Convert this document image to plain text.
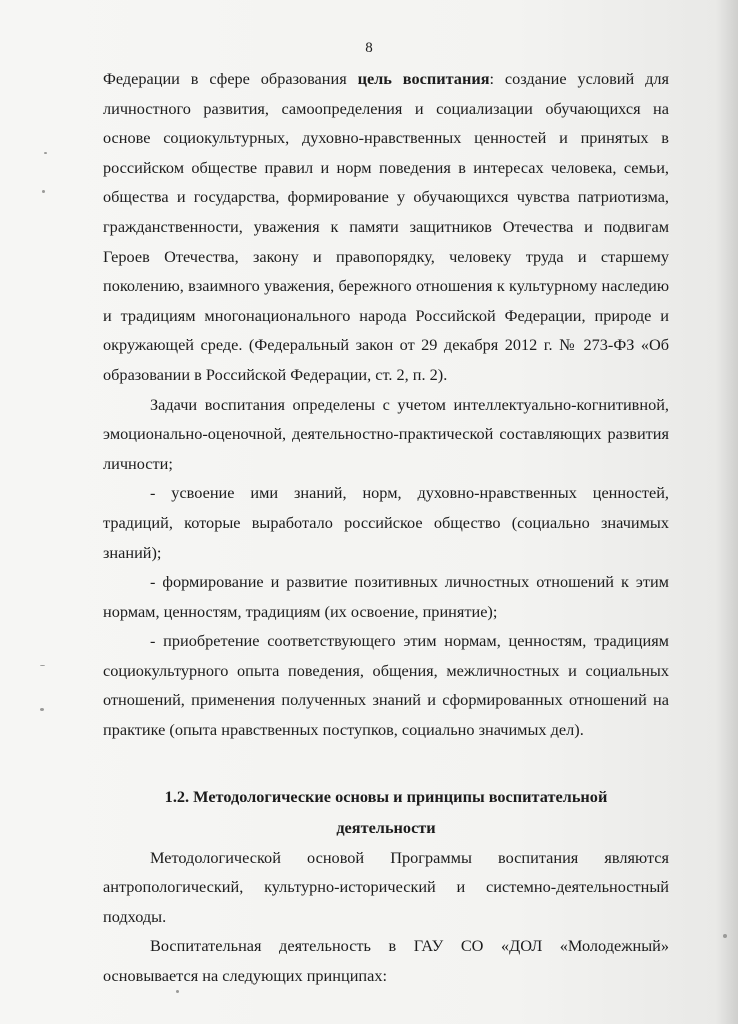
8

Федерации в сфере образования цель воспитания: создание условий для личностного развития, самоопределения и социализации обучающихся на основе социокультурных, духовно-нравственных ценностей и принятых в российском обществе правил и норм поведения в интересах человека, семьи, общества и государства, формирование у обучающихся чувства патриотизма, гражданственности, уважения к памяти защитников Отечества и подвигам Героев Отечества, закону и правопорядку, человеку труда и старшему поколению, взаимного уважения, бережного отношения к культурному наследию и традициям многонационального народа Российской Федерации, природе и окружающей среде. (Федеральный закон от 29 декабря 2012 г. № 273-ФЗ «Об образовании в Российской Федерации, ст. 2, п. 2).

Задачи воспитания определены с учетом интеллектуально-когнитивной, эмоционально-оценочной, деятельностно-практической составляющих развития личности;

- усвоение ими знаний, норм, духовно-нравственных ценностей, традиций, которые выработало российское общество (социально значимых знаний);

- формирование и развитие позитивных личностных отношений к этим нормам, ценностям, традициям (их освоение, принятие);

- приобретение соответствующего этим нормам, ценностям, традициям социокультурного опыта поведения, общения, межличностных и социальных отношений, применения полученных знаний и сформированных отношений на практике (опыта нравственных поступков, социально значимых дел).

1.2. Методологические основы и принципы воспитательной
деятельности

Методологической основой Программы воспитания являются антропологический, культурно-исторический и системно-деятельностный подходы.

Воспитательная деятельность в ГАУ СО «ДОЛ «Молодежный» основывается на следующих принципах:
